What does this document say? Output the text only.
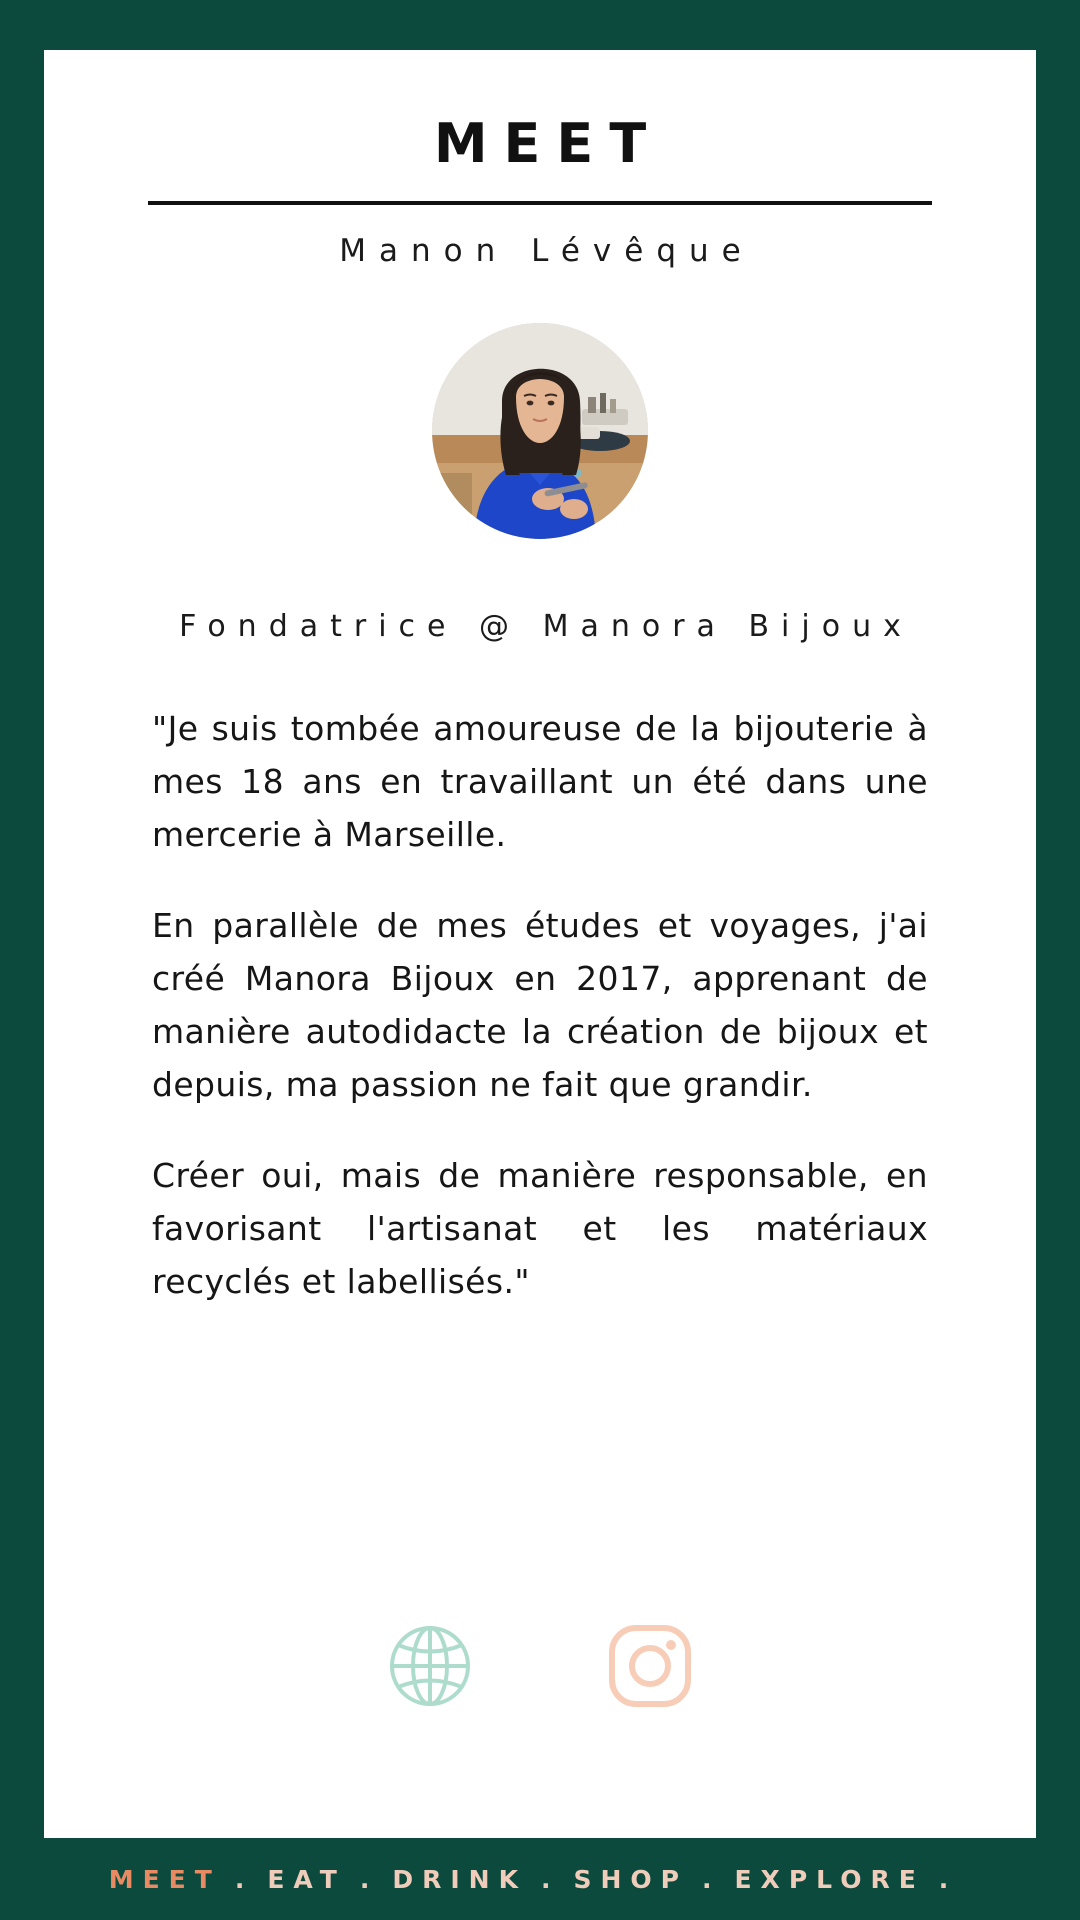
MEET
Manon Lévêque
Fondatrice @ Manora Bijoux

"Je suis tombée amoureuse de la bijouterie à mes 18 ans en travaillant un été dans une mercerie à Marseille.

En parallèle de mes études et voyages, j'ai créé Manora Bijoux en 2017, apprenant de manière autodidacte la création de bijoux et depuis, ma passion ne fait que grandir.

Créer oui, mais de manière responsable, en favorisant l'artisanat et les matériaux recyclés et labellisés."

MEET . EAT . DRINK . SHOP . EXPLORE .
